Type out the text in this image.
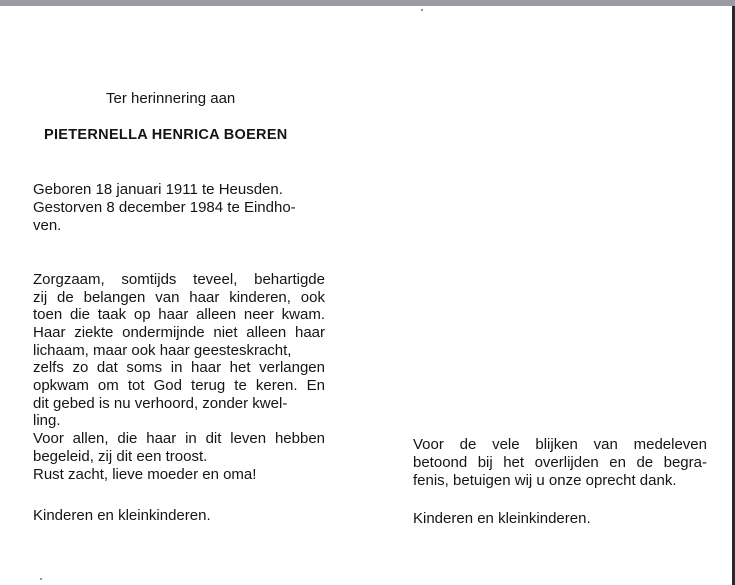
Ter herinnering aan
PIETERNELLA HENRICA BOEREN
Geboren 18 januari 1911 te Heusden.
Gestorven 8 december 1984 te Eindho-
ven.
Zorgzaam, somtijds teveel, behartigde
zij de belangen van haar kinderen, ook
toen die taak op haar alleen neer kwam.
Haar ziekte ondermijnde niet alleen haar
lichaam, maar ook haar geesteskracht,
zelfs zo dat soms in haar het verlangen
opkwam om tot God terug te keren. En
dit gebed is nu verhoord, zonder kwel-
ling.
Voor allen, die haar in dit leven hebben
begeleid, zij dit een troost.
Rust zacht, lieve moeder en oma!
Kinderen en kleinkinderen.
Voor de vele blijken van medeleven
betoond bij het overlijden en de begra-
fenis, betuigen wij u onze oprecht dank.
Kinderen en kleinkinderen.
